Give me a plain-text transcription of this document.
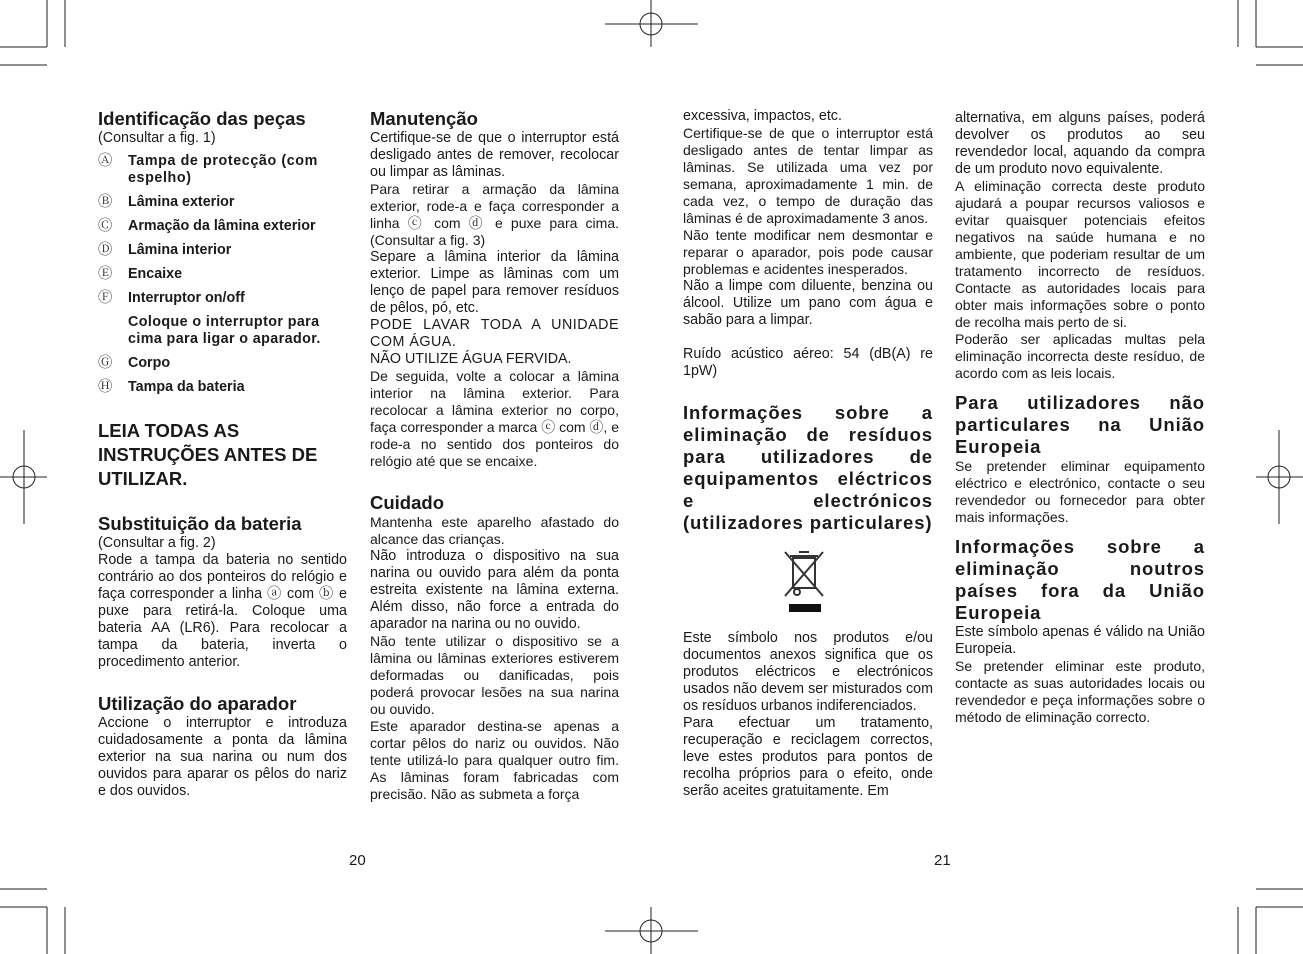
Identificação das peças

(Consultar a fig. 1)

Ⓐ	Tampa de protecção (com espelho)
Ⓑ	Lâmina exterior
Ⓒ	Armação da lâmina exterior
Ⓓ	Lâmina interior
Ⓔ	Encaixe
Ⓕ	Interruptor on/off
Coloque o interruptor para cima para ligar o aparador.
Ⓖ	Corpo
Ⓗ	Tampa da bateria
LEIA TODAS AS INSTRUÇÕES ANTES DE UTILIZAR.
Substituição da bateria

(Consultar a fig. 2)

Rode a tampa da bateria no sentido contrário ao dos ponteiros do relógio e faça corresponder a linha ⓐ com ⓑ e puxe para retirá-la. Coloque uma bateria AA (LR6). Para recolocar a tampa da bateria, inverta o procedimento anterior.

Utilização do aparador

Accione o interruptor e introduza cuidadosamente a ponta da lâmina exterior na sua narina ou num dos ouvidos para aparar os pêlos do nariz e dos ouvidos.

Manutenção

Certifique-se de que o interruptor está desligado antes de remover, recolocar ou limpar as lâminas.

Para retirar a armação da lâmina exterior, rode-a e faça corresponder a linha ⓒ com ⓓ e puxe para cima. (Consultar a fig. 3)

Separe a lâmina interior da lâmina exterior. Limpe as lâminas com um lenço de papel para remover resíduos de pêlos, pó, etc.

PODE LAVAR TODA A UNIDADE COM ÁGUA.

NÃO UTILIZE ÁGUA FERVIDA.

De seguida, volte a colocar a lâmina interior na lâmina exterior. Para recolocar a lâmina exterior no corpo, faça corresponder a marca ⓒ com ⓓ, e rode-a no sentido dos ponteiros do relógio até que se encaixe.

Cuidado

Mantenha este aparelho afastado do alcance das crianças.

Não introduza o dispositivo na sua narina ou ouvido para além da ponta estreita existente na lâmina externa. Além disso, não force a entrada do aparador na narina ou no ouvido.

Não tente utilizar o dispositivo se a lâmina ou lâminas exteriores estiverem deformadas ou danificadas, pois poderá provocar lesões na sua narina ou ouvido.

Este aparador destina-se apenas a cortar pêlos do nariz ou ouvidos. Não tente utilizá-lo para qualquer outro fim. As lâminas foram fabricadas com precisão. Não as submeta a força

20

excessiva, impactos, etc.

Certifique-se de que o interruptor está desligado antes de tentar limpar as lâminas. Se utilizada uma vez por semana, aproximadamente 1 min. de cada vez, o tempo de duração das lâminas é de aproximadamente 3 anos.

Não tente modificar nem desmontar e reparar o aparador, pois pode causar problemas e acidentes inesperados.

Não a limpe com diluente, benzina ou álcool. Utilize um pano com água e sabão para a limpar.

Ruído acústico aéreo: 54 (dB(A) re 1pW)

Informações sobre a eliminação de resíduos para utilizadores de equipamentos eléctricos e electrónicos (utilizadores particulares)

Este símbolo nos produtos e/ou documentos anexos significa que os produtos eléctricos e electrónicos usados não devem ser misturados com os resíduos urbanos indiferenciados.

Para efectuar um tratamento, recuperação e reciclagem correctos, leve estes produtos para pontos de recolha próprios para o efeito, onde serão aceites gratuitamente. Em

alternativa, em alguns países, poderá devolver os produtos ao seu revendedor local, aquando da compra de um produto novo equivalente.

A eliminação correcta deste produto ajudará a poupar recursos valiosos e evitar quaisquer potenciais efeitos negativos na saúde humana e no ambiente, que poderiam resultar de um tratamento incorrecto de resíduos. Contacte as autoridades locais para obter mais informações sobre o ponto de recolha mais perto de si.

Poderão ser aplicadas multas pela eliminação incorrecta deste resíduo, de acordo com as leis locais.

Para utilizadores não particulares na União Europeia

Se pretender eliminar equipamento eléctrico e electrónico, contacte o seu revendedor ou fornecedor para obter mais informações.

Informações sobre a eliminação noutros países fora da União Europeia

Este símbolo apenas é válido na União Europeia.

Se pretender eliminar este produto, contacte as suas autoridades locais ou revendedor e peça informações sobre o método de eliminação correcto.

21
